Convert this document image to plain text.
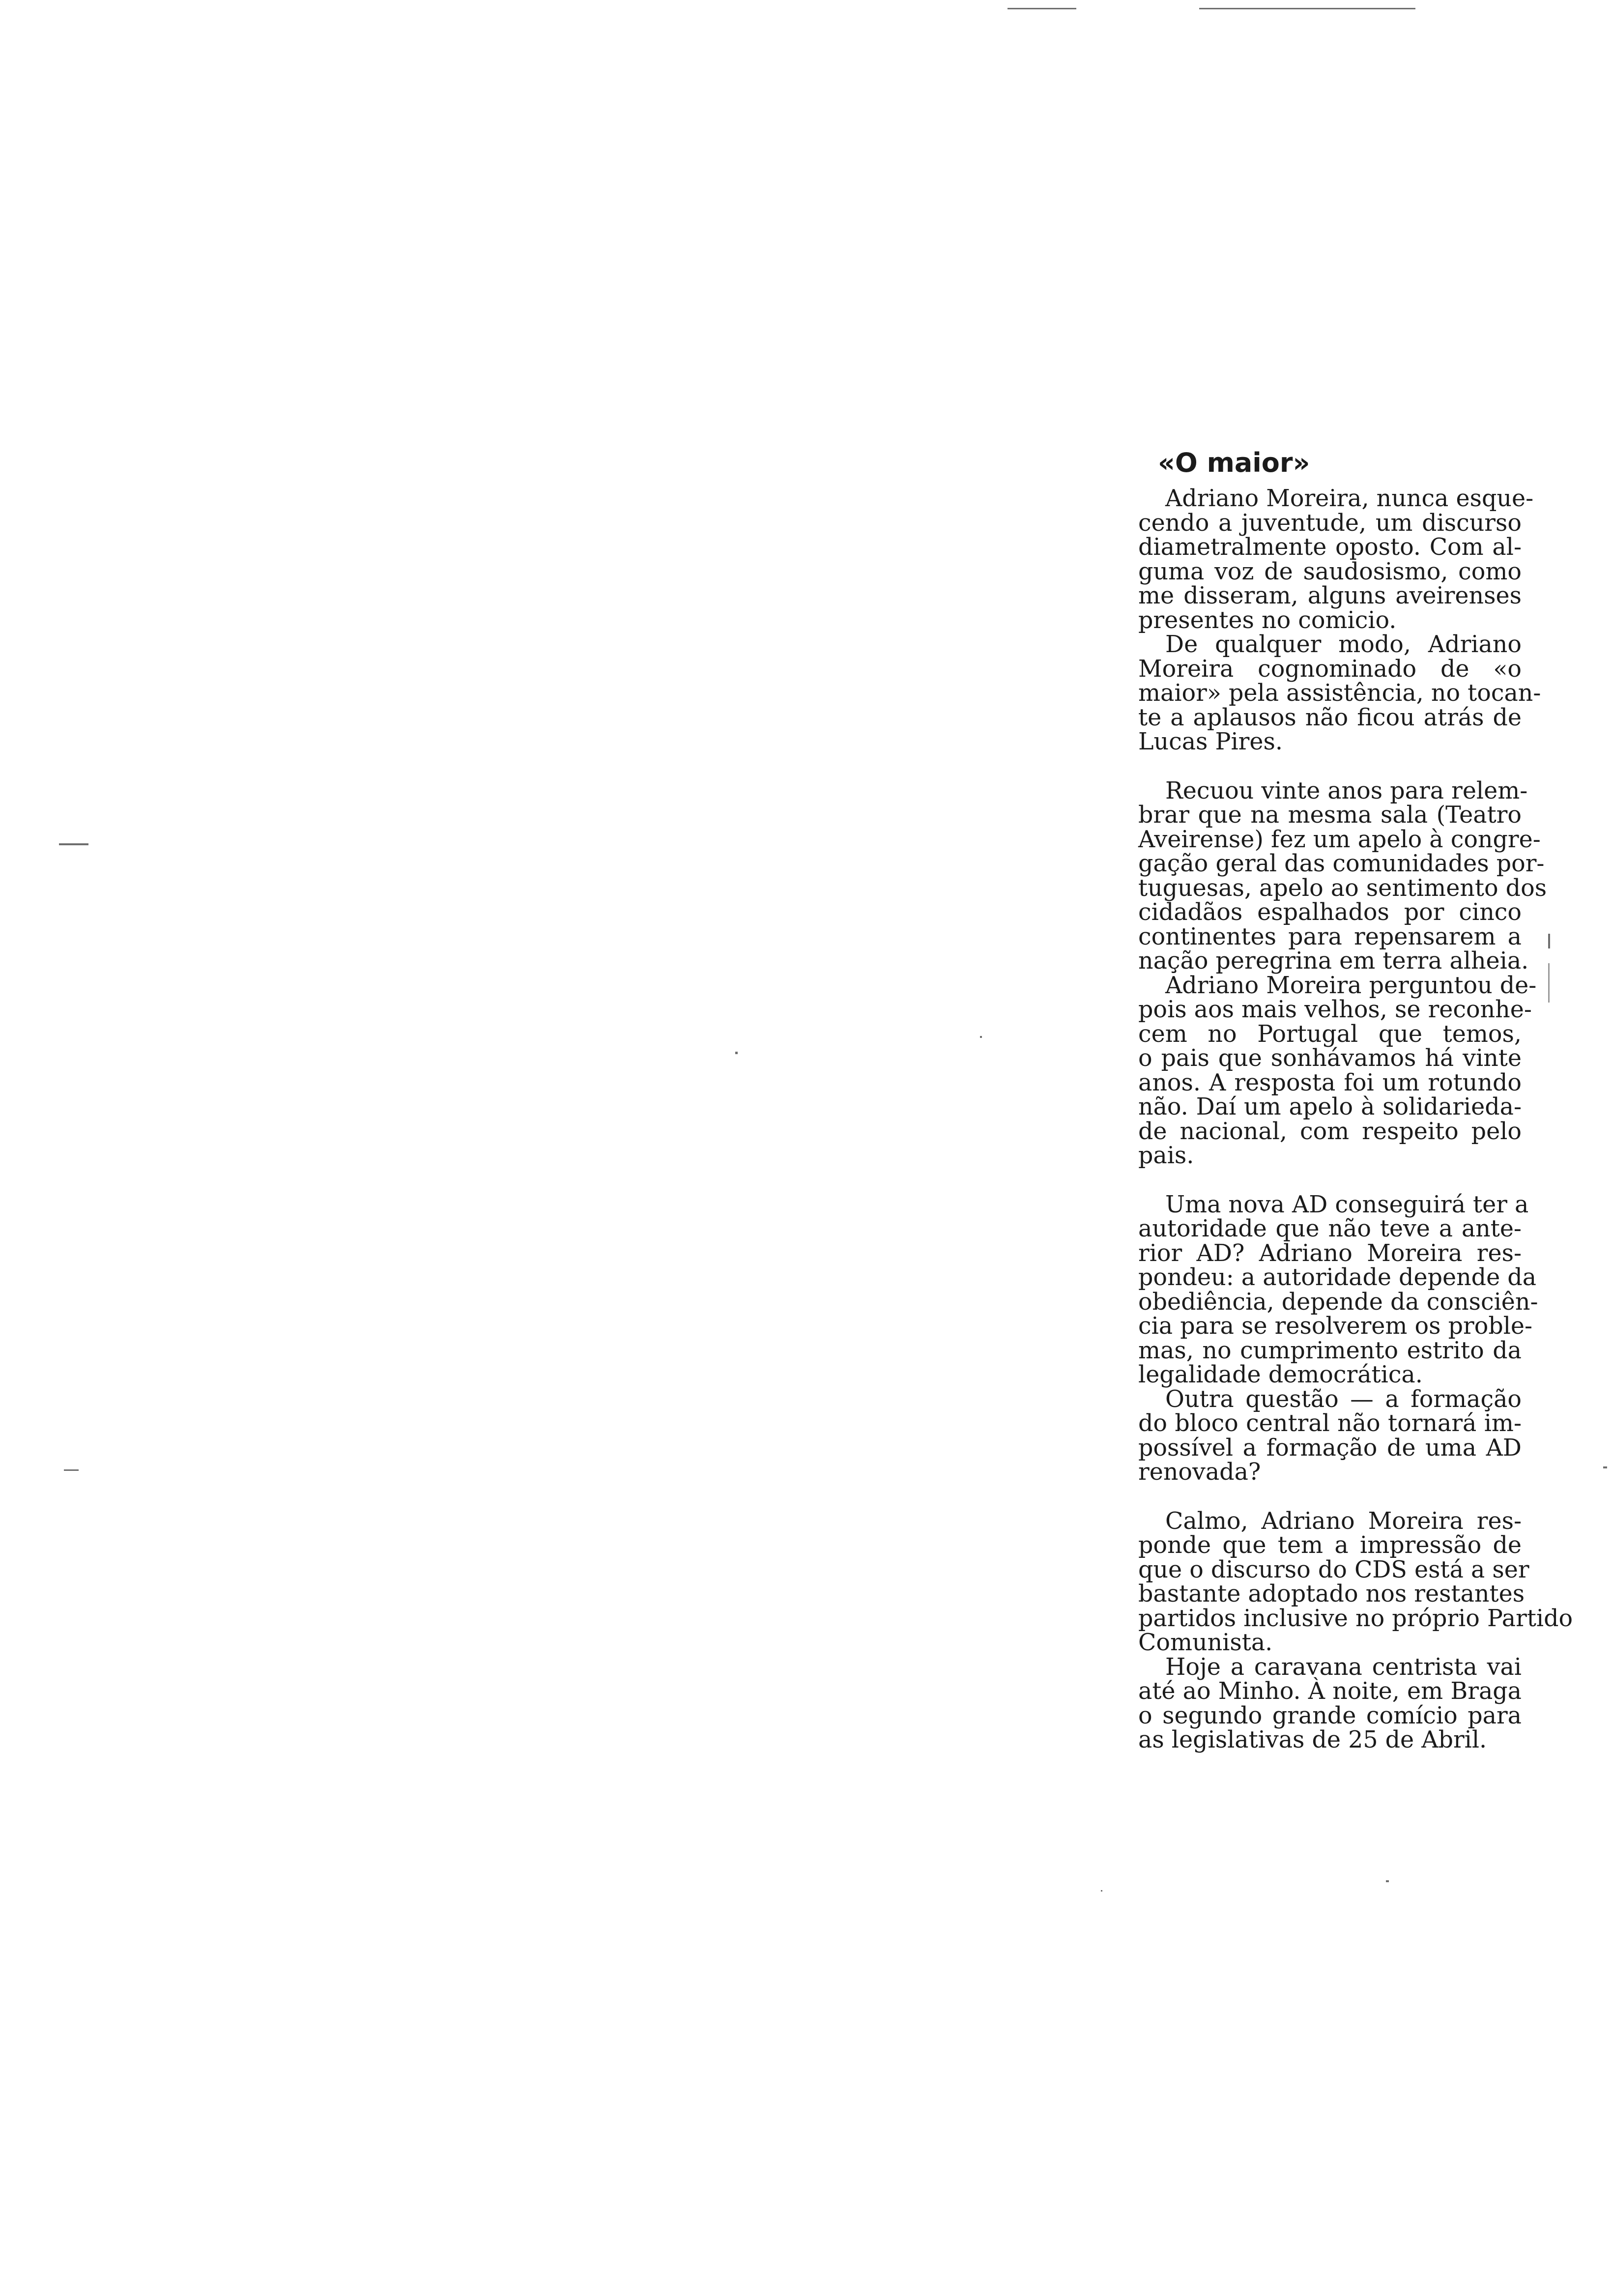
«O maior»
Adriano Moreira, nunca esque-
cendo a juventude, um discurso
diametralmente oposto. Com al-
guma voz de saudosismo, como
me disseram, alguns aveirenses
presentes no comicio.
De qualquer modo, Adriano
Moreira cognominado de «o
maior» pela assistência, no tocan-
te a aplausos não ficou atrás de
Lucas Pires.
Recuou vinte anos para relem-
brar que na mesma sala (Teatro
Aveirense) fez um apelo à congre-
gação geral das comunidades por-
tuguesas, apelo ao sentimento dos
cidadãos espalhados por cinco
continentes para repensarem a
nação peregrina em terra alheia.
Adriano Moreira perguntou de-
pois aos mais velhos, se reconhe-
cem no Portugal que temos,
o pais que sonhávamos há vinte
anos. A resposta foi um rotundo
não. Daí um apelo à solidarieda-
de nacional, com respeito pelo
pais.
Uma nova AD conseguirá ter a
autoridade que não teve a ante-
rior AD? Adriano Moreira res-
pondeu: a autoridade depende da
obediência, depende da consciên-
cia para se resolverem os proble-
mas, no cumprimento estrito da
legalidade democrática.
Outra questão — a formação
do bloco central não tornará im-
possível a formação de uma AD
renovada?
Calmo, Adriano Moreira res-
ponde que tem a impressão de
que o discurso do CDS está a ser
bastante adoptado nos restantes
partidos inclusive no próprio Partido
Comunista.
Hoje a caravana centrista vai
até ao Minho. À noite, em Braga
o segundo grande comício para
as legislativas de 25 de Abril.
